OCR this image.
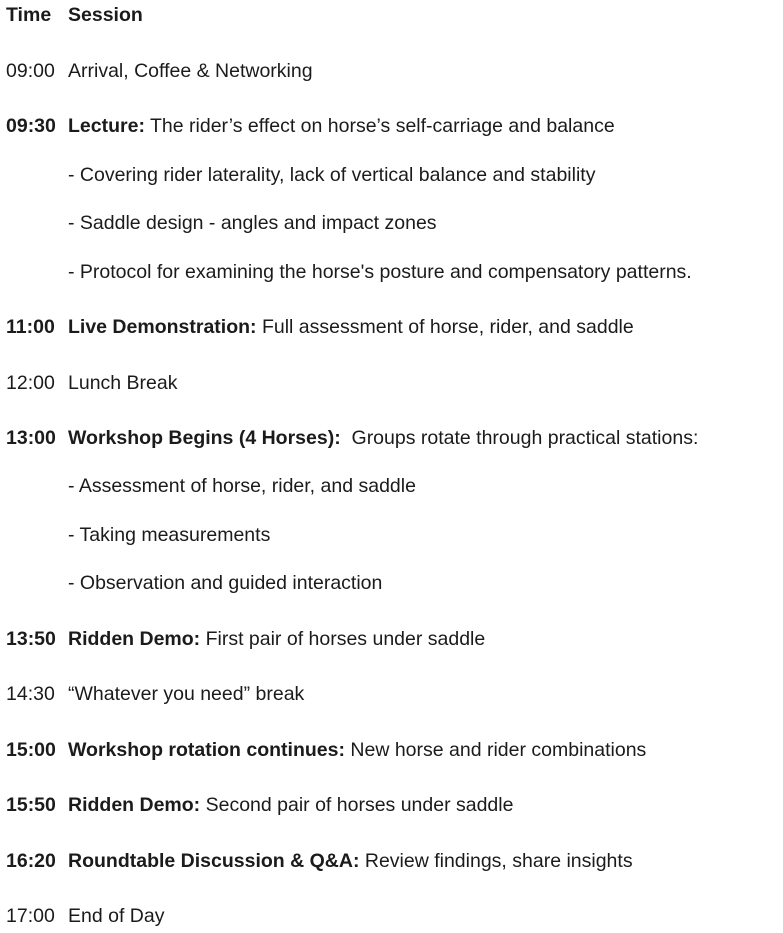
Time Session
09:00 Arrival, Coffee & Networking
09:30 Lecture: The rider’s effect on horse’s self-carriage and balance
- Covering rider laterality, lack of vertical balance and stability
- Saddle design - angles and impact zones
- Protocol for examining the horse's posture and compensatory patterns.
11:00 Live Demonstration: Full assessment of horse, rider, and saddle
12:00 Lunch Break
13:00 Workshop Begins (4 Horses):  Groups rotate through practical stations:
- Assessment of horse, rider, and saddle
- Taking measurements
- Observation and guided interaction
13:50 Ridden Demo: First pair of horses under saddle
14:30 “Whatever you need” break
15:00 Workshop rotation continues: New horse and rider combinations
15:50 Ridden Demo: Second pair of horses under saddle
16:20 Roundtable Discussion & Q&A: Review findings, share insights
17:00 End of Day
